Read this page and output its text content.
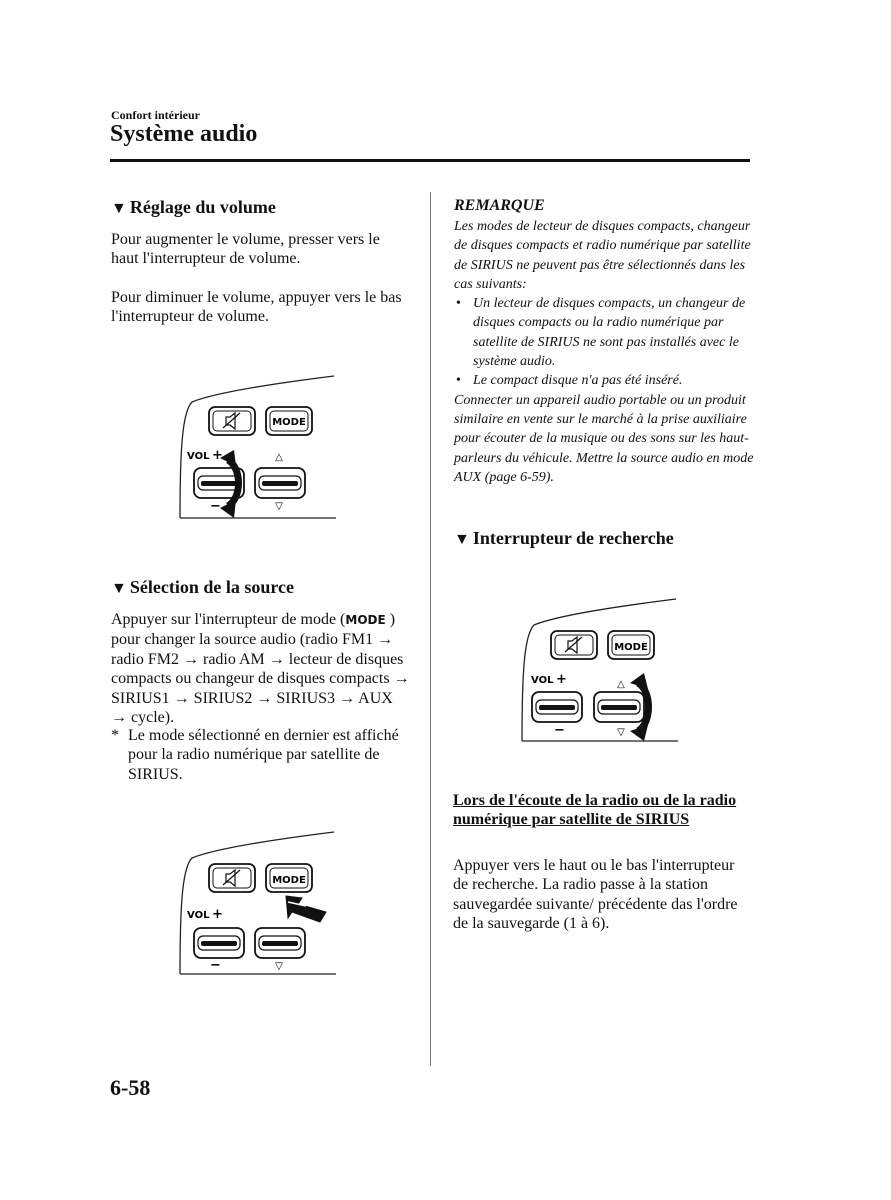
Confort intérieur
Système audio
▼ Réglage du volume

Pour augmenter le volume, presser vers le haut l'interrupteur de volume.

Pour diminuer le volume, appuyer vers le bas l'interrupteur de volume.

MODE
VOL +
−
△
▽
▼ Sélection de la source

Appuyer sur l'interrupteur de mode (MODE ) pour changer la source audio (radio FM1 → radio FM2 → radio AM → lecteur de disques compacts ou changeur de disques compacts → SIRIUS1 → SIRIUS2 → SIRIUS3 → AUX → cycle).

* Le mode sélectionné en dernier est affiché pour la radio numérique par satellite de SIRIUS.
MODE
VOL +
−	▽
REMARQUE

Les modes de lecteur de disques compacts, changeur de disques compacts et radio numérique par satellite de SIRIUS ne peuvent pas être sélectionnés dans les cas suivants:

• Un lecteur de disques compacts, un changeur de disques compacts ou la radio numérique par satellite de SIRIUS ne sont pas installés avec le système audio.
• Le compact disque n'a pas été inséré.

Connecter un appareil audio portable ou un produit similaire en vente sur le marché à la prise auxiliaire pour écouter de la musique ou des sons sur les haut-parleurs du véhicule. Mettre la source audio en mode AUX (page 6-59).

▼ Interrupteur de recherche
MODE
VOL +
−
△
▽
Lors de l'écoute de la radio ou de la radio numérique par satellite de SIRIUS

Appuyer vers le haut ou le bas l'interrupteur de recherche. La radio passe à la station sauvegardée suivante/ précédente das l'ordre de la sauvegarde (1 à 6).

6-58
